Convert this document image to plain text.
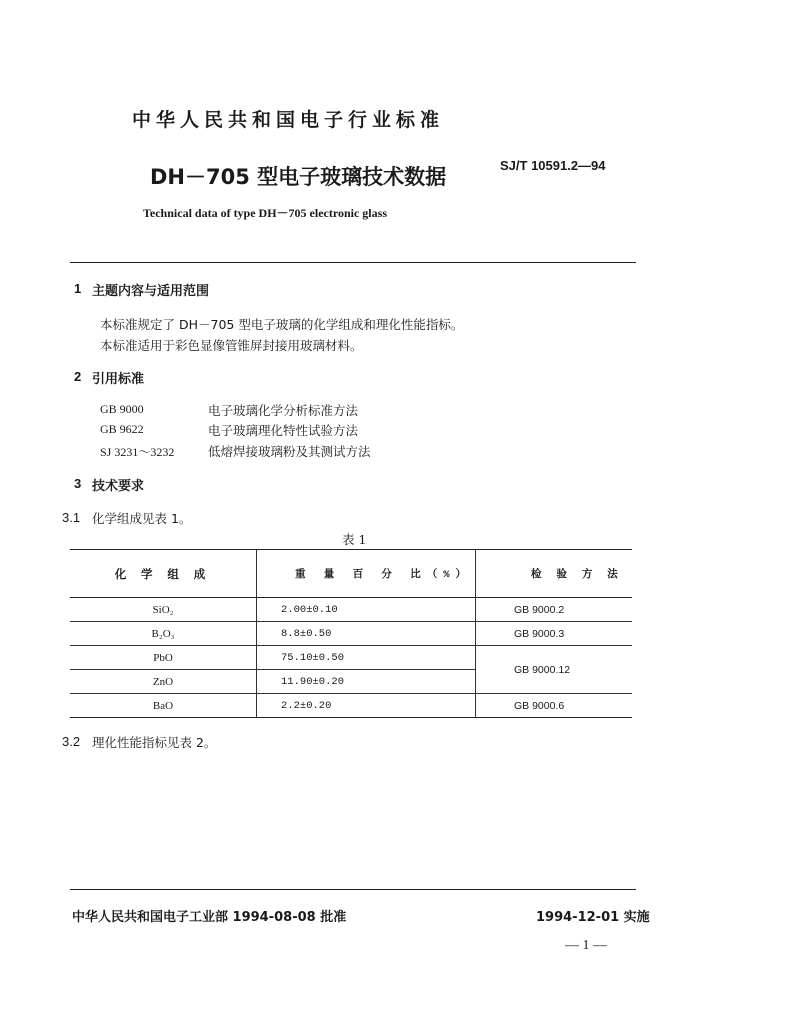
中华人民共和国电子行业标准
DH－705 型电子玻璃技术数据	SJ/T 10591.2—94
Technical data of type DH－705 electronic glass
1 主题内容与适用范围
本标准规定了 DH－705 型电子玻璃的化学组成和理化性能指标。
本标准适用于彩色显像管锥屏封接用玻璃材料。
2 引用标准
GB 9000	电子玻璃化学分析标准方法
GB 9622	电子玻璃理化特性试验方法
SJ 3231～3232	低熔焊接玻璃粉及其测试方法
3 技术要求
3.1 化学组成见表 1。
表 1
化 学 组 成	重 量 百 分 比（%）	检 验 方 法
SiO₂	2.00±0.10	GB 9000.2
B₂O₃	8.8±0.50	GB 9000.3
PbO	75.10±0.50	GB 9000.12
ZnO	11.90±0.20	
BaO	2.2±0.20	GB 9000.6
3.2 理化性能指标见表 2。
中华人民共和国电子工业部 1994-08-08 批准	1994-12-01 实施
— 1 —
